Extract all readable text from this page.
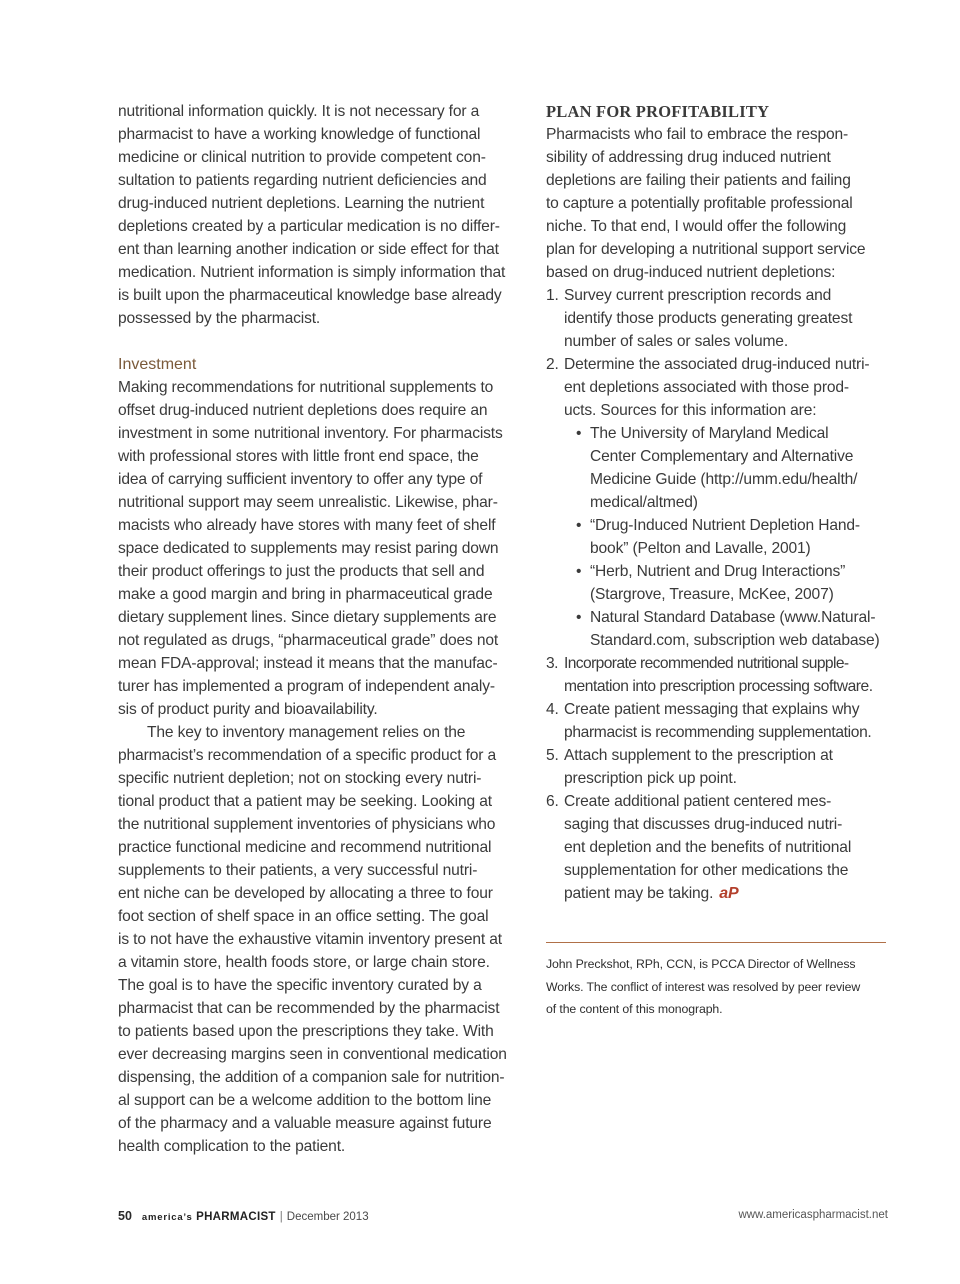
nutritional information quickly. It is not necessary for a
pharmacist to have a working knowledge of functional
medicine or clinical nutrition to provide competent con-
sultation to patients regarding nutrient deficiencies and
drug-induced nutrient depletions. Learning the nutrient
depletions created by a particular medication is no differ-
ent than learning another indication or side effect for that
medication. Nutrient information is simply information that
is built upon the pharmaceutical knowledge base already
possessed by the pharmacist.
Investment
Making recommendations for nutritional supplements to
offset drug-induced nutrient depletions does require an
investment in some nutritional inventory. For pharmacists
with professional stores with little front end space, the
idea of carrying sufficient inventory to offer any type of
nutritional support may seem unrealistic. Likewise, phar-
macists who already have stores with many feet of shelf
space dedicated to supplements may resist paring down
their product offerings to just the products that sell and
make a good margin and bring in pharmaceutical grade
dietary supplement lines. Since dietary supplements are
not regulated as drugs, “pharmaceutical grade” does not
mean FDA-approval; instead it means that the manufac-
turer has implemented a program of independent analy-
sis of product purity and bioavailability.
The key to inventory management relies on the
pharmacist’s recommendation of a specific product for a
specific nutrient depletion; not on stocking every nutri-
tional product that a patient may be seeking. Looking at
the nutritional supplement inventories of physicians who
practice functional medicine and recommend nutritional
supplements to their patients, a very successful nutri-
ent niche can be developed by allocating a three to four
foot section of shelf space in an office setting. The goal
is to not have the exhaustive vitamin inventory present at
a vitamin store, health foods store, or large chain store.
The goal is to have the specific inventory curated by a
pharmacist that can be recommended by the pharmacist
to patients based upon the prescriptions they take. With
ever decreasing margins seen in conventional medication
dispensing, the addition of a companion sale for nutrition-
al support can be a welcome addition to the bottom line
of the pharmacy and a valuable measure against future
health complication to the patient.
PLAN FOR PROFITABILITY
Pharmacists who fail to embrace the respon-
sibility of addressing drug induced nutrient
depletions are failing their patients and failing
to capture a potentially profitable professional
niche. To that end, I would offer the following
plan for developing a nutritional support service
based on drug-induced nutrient depletions:
1. Survey current prescription records and
identify those products generating greatest
number of sales or sales volume.
2. Determine the associated drug-induced nutri-
ent depletions associated with those prod-
ucts. Sources for this information are:
• The University of Maryland Medical
Center Complementary and Alternative
Medicine Guide (http://umm.edu/health/
medical/altmed)
• “Drug-Induced Nutrient Depletion Hand-
book” (Pelton and Lavalle, 2001)
• “Herb, Nutrient and Drug Interactions”
(Stargrove, Treasure, McKee, 2007)
• Natural Standard Database (www.Natural-
Standard.com, subscription web database)
3. Incorporate recommended nutritional supple-
mentation into prescription processing software.
4. Create patient messaging that explains why
pharmacist is recommending supplementation.
5. Attach supplement to the prescription at
prescription pick up point.
6. Create additional patient centered mes-
saging that discusses drug-induced nutri-
ent depletion and the benefits of nutritional
supplementation for other medications the
patient may be taking. aP
John Preckshot, RPh, CCN, is PCCA Director of Wellness
Works. The conflict of interest was resolved by peer review
of the content of this monograph.
50 america’s PHARMACIST | December 2013	www.americaspharmacist.net
